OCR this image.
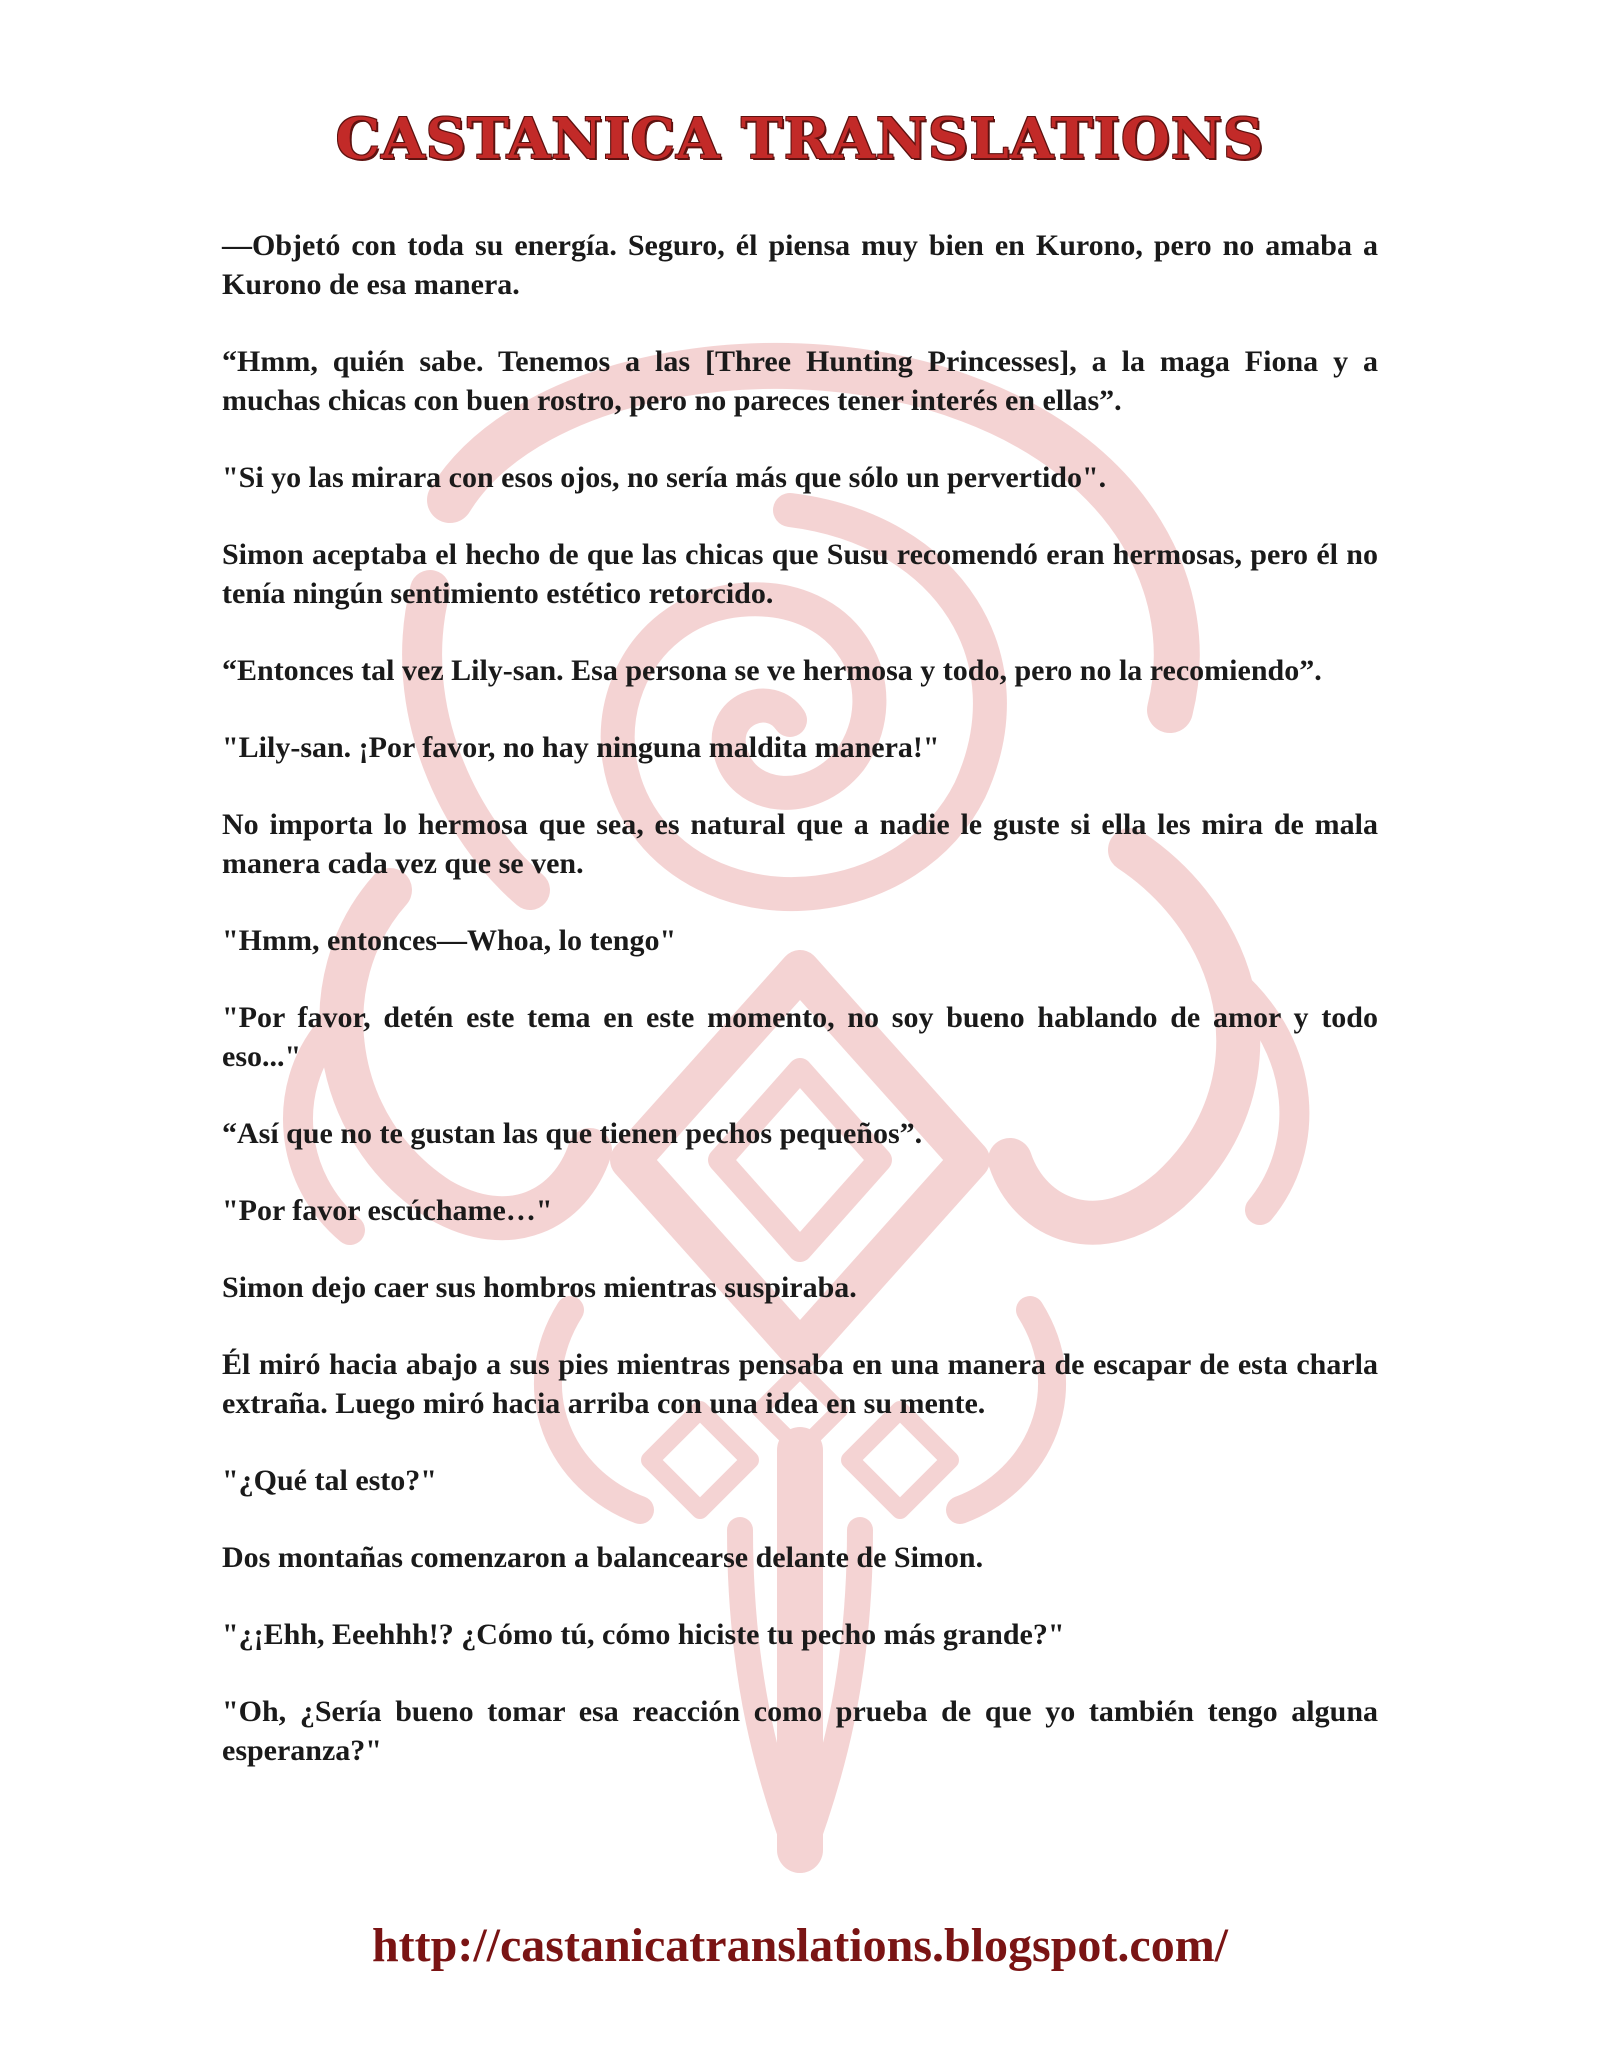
CASTANICA TRANSLATIONS

—Objetó con toda su energía. Seguro, él piensa muy bien en Kurono, pero no amaba a Kurono de esa manera.

“Hmm, quién sabe. Tenemos a las [Three Hunting Princesses], a la maga Fiona y a muchas chicas con buen rostro, pero no pareces tener interés en ellas”.

"Si yo las mirara con esos ojos, no sería más que sólo un pervertido".

Simon aceptaba el hecho de que las chicas que Susu recomendó eran hermosas, pero él no tenía ningún sentimiento estético retorcido.

“Entonces tal vez Lily-san. Esa persona se ve hermosa y todo, pero no la recomiendo”.

"Lily-san. ¡Por favor, no hay ninguna maldita manera!"

No importa lo hermosa que sea, es natural que a nadie le guste si ella les mira de mala manera cada vez que se ven.

"Hmm, entonces—Whoa, lo tengo"

"Por favor, detén este tema en este momento, no soy bueno hablando de amor y todo eso..."

“Así que no te gustan las que tienen pechos pequeños”.

"Por favor escúchame…"

Simon dejo caer sus hombros mientras suspiraba.

Él miró hacia abajo a sus pies mientras pensaba en una manera de escapar de esta charla extraña. Luego miró hacia arriba con una idea en su mente.

"¿Qué tal esto?"

Dos montañas comenzaron a balancearse delante de Simon.

"¿¡Ehh, Eeehhh!? ¿Cómo tú, cómo hiciste tu pecho más grande?"

"Oh, ¿Sería bueno tomar esa reacción como prueba de que yo también tengo alguna esperanza?"

http://castanicatranslations.blogspot.com/
